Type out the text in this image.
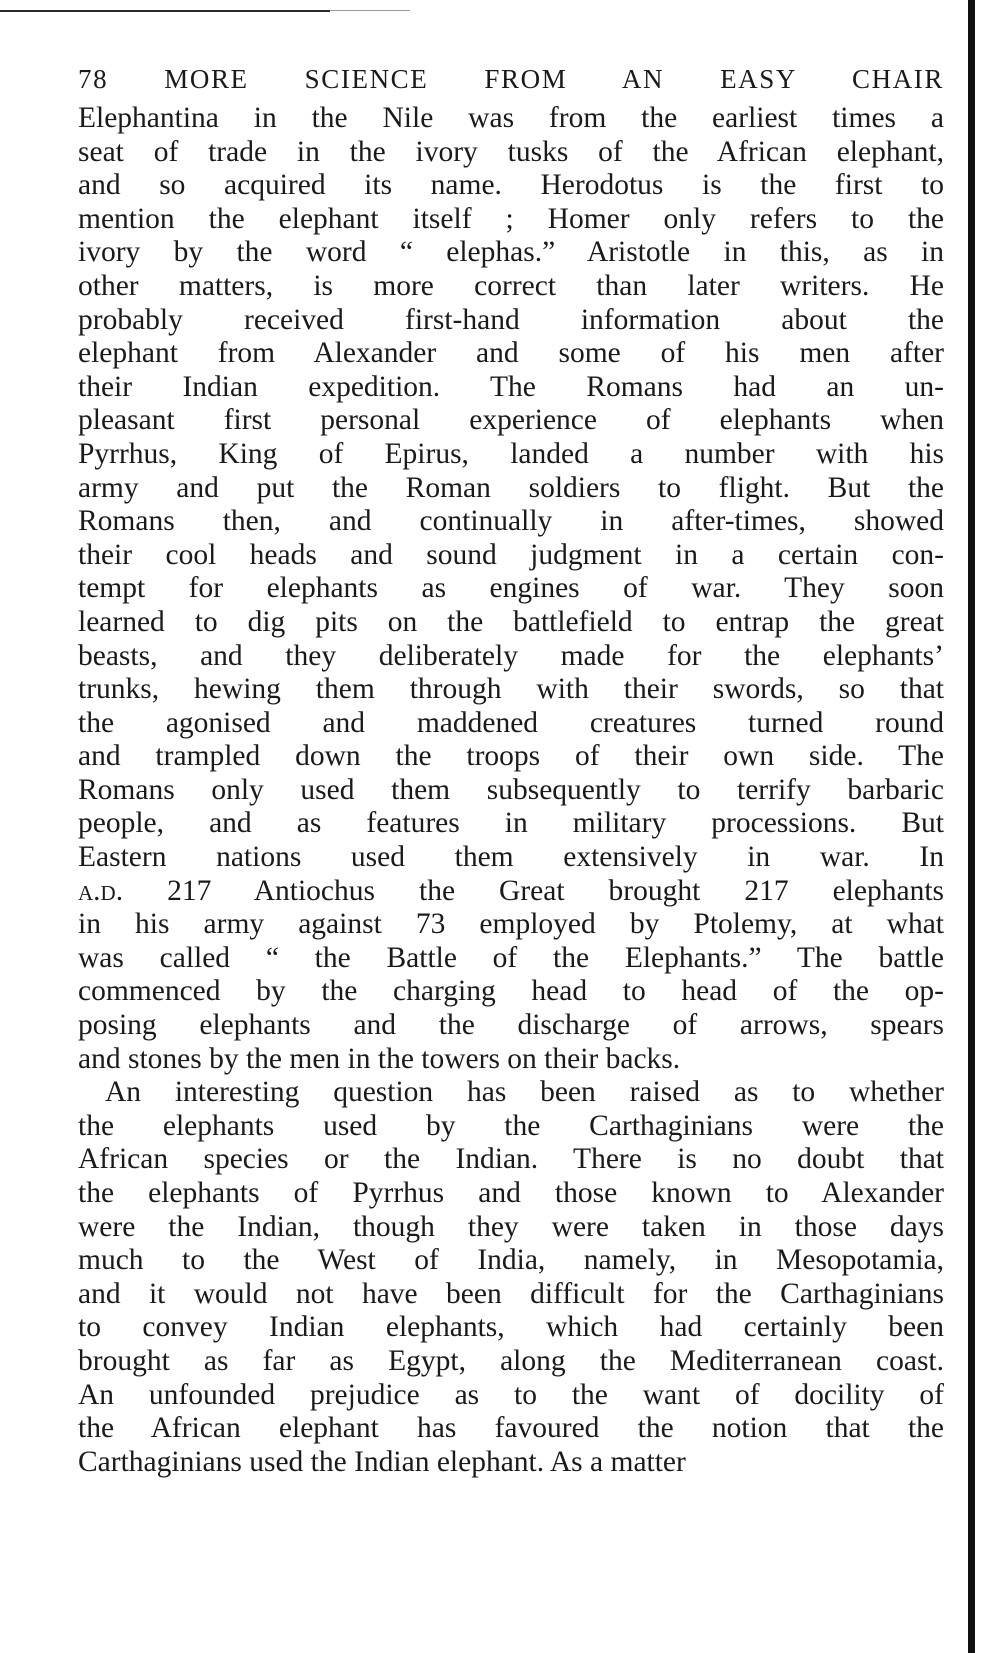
78 MORE SCIENCE FROM AN EASY CHAIR
Elephantina in the Nile was from the earliest times a
seat of trade in the ivory tusks of the African elephant,
and so acquired its name. Herodotus is the first to
mention the elephant itself ; Homer only refers to the
ivory by the word “ elephas.” Aristotle in this, as in
other matters, is more correct than later writers. He
probably received first-hand information about the
elephant from Alexander and some of his men after
their Indian expedition. The Romans had an un-
pleasant first personal experience of elephants when
Pyrrhus, King of Epirus, landed a number with his
army and put the Roman soldiers to flight. But the
Romans then, and continually in after-times, showed
their cool heads and sound judgment in a certain con-
tempt for elephants as engines of war. They soon
learned to dig pits on the battlefield to entrap the great
beasts, and they deliberately made for the elephants’
trunks, hewing them through with their swords, so that
the agonised and maddened creatures turned round
and trampled down the troops of their own side. The
Romans only used them subsequently to terrify barbaric
people, and as features in military processions. But
Eastern nations used them extensively in war. In
a.d. 217 Antiochus the Great brought 217 elephants
in his army against 73 employed by Ptolemy, at what
was called “ the Battle of the Elephants.” The battle
commenced by the charging head to head of the op-
posing elephants and the discharge of arrows, spears
and stones by the men in the towers on their backs.
An interesting question has been raised as to whether
the elephants used by the Carthaginians were the
African species or the Indian. There is no doubt that
the elephants of Pyrrhus and those known to Alexander
were the Indian, though they were taken in those days
much to the West of India, namely, in Mesopotamia,
and it would not have been difficult for the Carthaginians
to convey Indian elephants, which had certainly been
brought as far as Egypt, along the Mediterranean coast.
An unfounded prejudice as to the want of docility of
the African elephant has favoured the notion that the
Carthaginians used the Indian elephant. As a matter
